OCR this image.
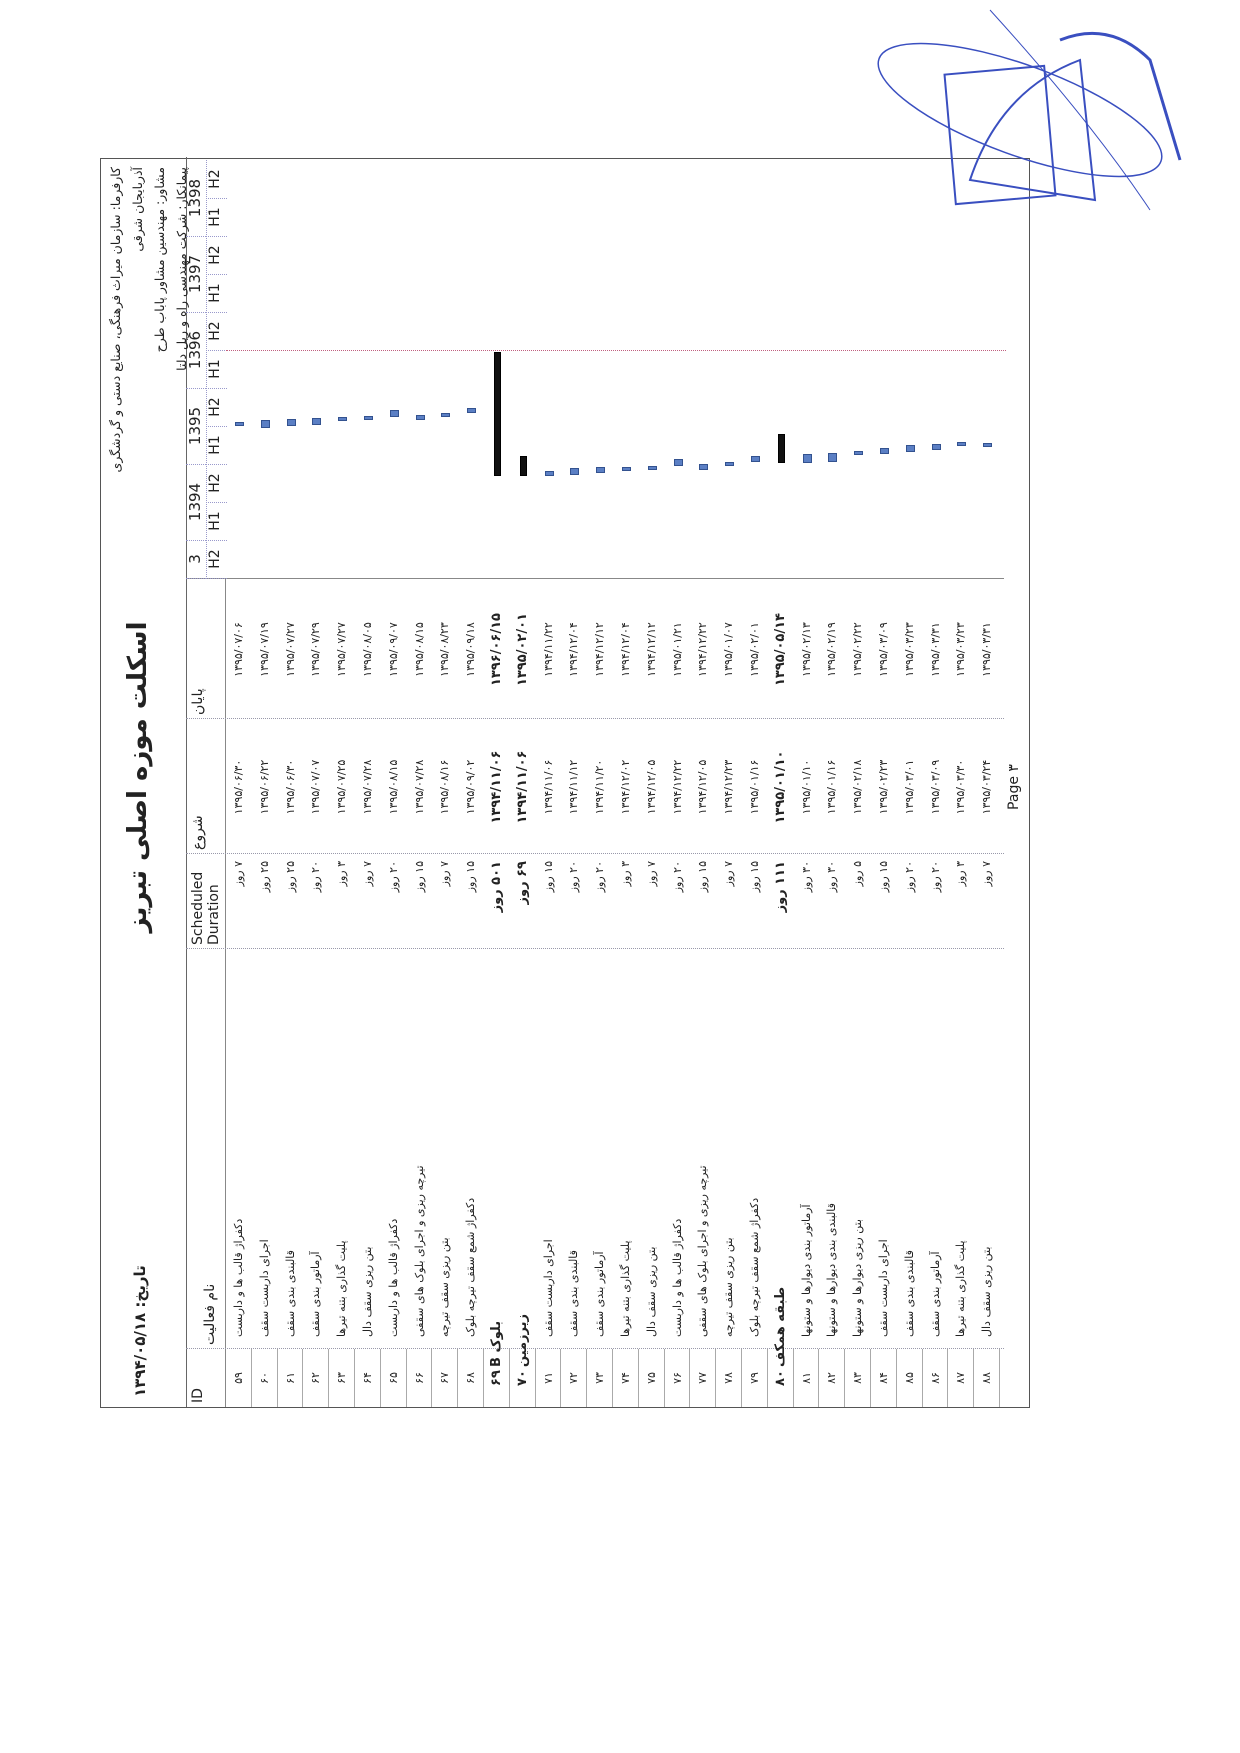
تاریخ: ۱۳۹۴/۰۵/۱۸
اسکلت موزه اصلی تبریز
کارفرما: سازمان میراث فرهنگی، صنایع دستی و گردشگری آذربایجان شرقی مشاور: مهندسین مشاور پاباب طرح پیمانکار: شرکت مهندسی راه و ریل دلتا
ID
نام فعالیت
Scheduled Duration
شروع
پایان
۵۹
دکفراژ قالب ها و داربست
۷ روز
۱۳۹۵/۰۶/۳۰
۱۳۹۵/۰۷/۰۶
۶۰
اجرای داربست سقف
۲۵ روز
۱۳۹۵/۰۶/۲۲
۱۳۹۵/۰۷/۱۹
۶۱
قالبندی بندی سقف
۲۵ روز
۱۳۹۵/۰۶/۳۰
۱۳۹۵/۰۷/۲۷
۶۲
آرماتور بندی سقف
۲۰ روز
۱۳۹۵/۰۷/۰۷
۱۳۹۵/۰۷/۲۹
۶۳
پلیت گذاری بتنه تیرها
۳ روز
۱۳۹۵/۰۷/۲۵
۱۳۹۵/۰۷/۲۷
۶۴
بتن ریزی سقف دال
۷ روز
۱۳۹۵/۰۷/۲۸
۱۳۹۵/۰۸/۰۵
۶۵
دکفراژ قالب ها و داربست
۲۰ روز
۱۳۹۵/۰۸/۱۵
۱۳۹۵/۰۹/۰۷
۶۶
تیرچه ریزی و اجرای بلوک های سقفی
۱۵ روز
۱۳۹۵/۰۷/۲۸
۱۳۹۵/۰۸/۱۵
۶۷
بتن ریزی سقف تیرچه
۷ روز
۱۳۹۵/۰۸/۱۶
۱۳۹۵/۰۸/۲۳
۶۸
دکفراژ شمع سقف تیرچه بلوک
۱۵ روز
۱۳۹۵/۰۹/۰۲
۱۳۹۵/۰۹/۱۸
۶۹
بلوک B
۵۰۱ روز
۱۳۹۴/۱۱/۰۶
۱۳۹۶/۰۶/۱۵
۷۰
زیرزمین
۶۹ روز
۱۳۹۴/۱۱/۰۶
۱۳۹۵/۰۲/۰۱
۷۱
اجرای داربست سقف
۱۵ روز
۱۳۹۴/۱۱/۰۶
۱۳۹۴/۱۱/۲۲
۷۲
قالبندی بندی سقف
۲۰ روز
۱۳۹۴/۱۱/۱۲
۱۳۹۴/۱۲/۰۴
۷۳
آرماتور بندی سقف
۲۰ روز
۱۳۹۴/۱۱/۲۰
۱۳۹۴/۱۲/۱۲
۷۴
پلیت گذاری بتنه تیرها
۳ روز
۱۳۹۴/۱۲/۰۲
۱۳۹۴/۱۲/۰۴
۷۵
بتن ریزی سقف دال
۷ روز
۱۳۹۴/۱۲/۰۵
۱۳۹۴/۱۲/۱۲
۷۶
دکفراژ قالب ها و داربست
۲۰ روز
۱۳۹۴/۱۲/۲۲
۱۳۹۵/۰۱/۲۱
۷۷
تیرچه ریزی و اجرای بلوک های سقفی
۱۵ روز
۱۳۹۴/۱۲/۰۵
۱۳۹۴/۱۲/۲۲
۷۸
بتن ریزی سقف تیرچه
۷ روز
۱۳۹۴/۱۲/۲۳
۱۳۹۵/۰۱/۰۷
۷۹
دکفراژ شمع سقف تیرچه بلوک
۱۵ روز
۱۳۹۵/۰۱/۱۶
۱۳۹۵/۰۲/۰۱
۸۰
طبقه همکف
۱۱۱ روز
۱۳۹۵/۰۱/۱۰
۱۳۹۵/۰۵/۱۴
۸۱
آرماتور بندی دیوارها و ستونها
۳۰ روز
۱۳۹۵/۰۱/۱۰
۱۳۹۵/۰۲/۱۳
۸۲
قالبندی بندی دیوارها و ستونها
۳۰ روز
۱۳۹۵/۰۱/۱۶
۱۳۹۵/۰۲/۱۹
۸۳
بتن ریزی دیوارها و ستونها
۵ روز
۱۳۹۵/۰۲/۱۸
۱۳۹۵/۰۲/۲۲
۸۴
اجرای داربست سقف
۱۵ روز
۱۳۹۵/۰۲/۲۳
۱۳۹۵/۰۳/۰۹
۸۵
قالبندی بندی سقف
۲۰ روز
۱۳۹۵/۰۳/۰۱
۱۳۹۵/۰۳/۲۳
۸۶
آرماتور بندی سقف
۲۰ روز
۱۳۹۵/۰۳/۰۹
۱۳۹۵/۰۳/۳۱
۸۷
پلیت گذاری بتنه تیرها
۳ روز
۱۳۹۵/۰۳/۳۰
۱۳۹۵/۰۳/۲۳
۸۸
بتن ریزی سقف دال
۷ روز
۱۳۹۵/۰۳/۲۴
۱۳۹۵/۰۳/۳۱
3
1394
1395
1396
1397
1398
H2
H1
H2
H1
H2
H1
H2
H1
H2
H1
H2
Page ۳
